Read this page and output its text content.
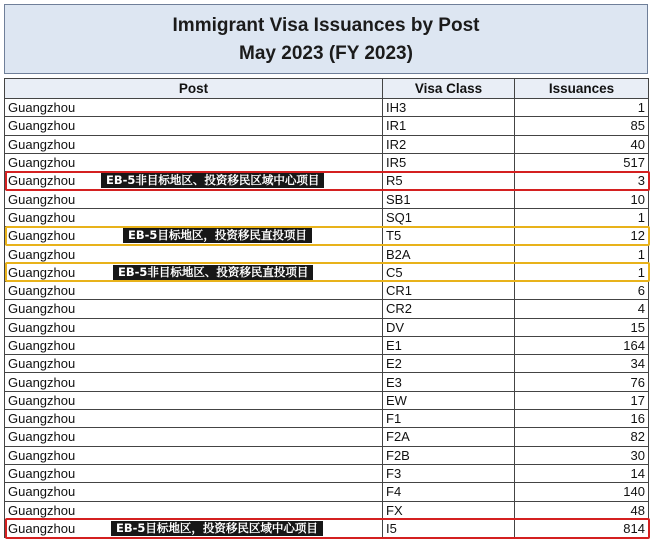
Immigrant Visa Issuances by Post
May 2023 (FY 2023)
Post	Visa Class	Issuances
Guangzhou	IH3	1
Guangzhou	IR1	85
Guangzhou	IR2	40
Guangzhou	IR5	517
Guangzhou EB-5非目标地区、投资移民区域中心项目	R5	3
Guangzhou	SB1	10
Guangzhou	SQ1	1
Guangzhou EB-5目标地区，投资移民直投项目	T5	12
Guangzhou	B2A	1
Guangzhou EB-5非目标地区、投资移民直投项目	C5	1
Guangzhou	CR1	6
Guangzhou	CR2	4
Guangzhou	DV	15
Guangzhou	E1	164
Guangzhou	E2	34
Guangzhou	E3	76
Guangzhou	EW	17
Guangzhou	F1	16
Guangzhou	F2A	82
Guangzhou	F2B	30
Guangzhou	F3	14
Guangzhou	F4	140
Guangzhou	FX	48
Guangzhou EB-5目标地区，投资移民区域中心项目	I5	814
